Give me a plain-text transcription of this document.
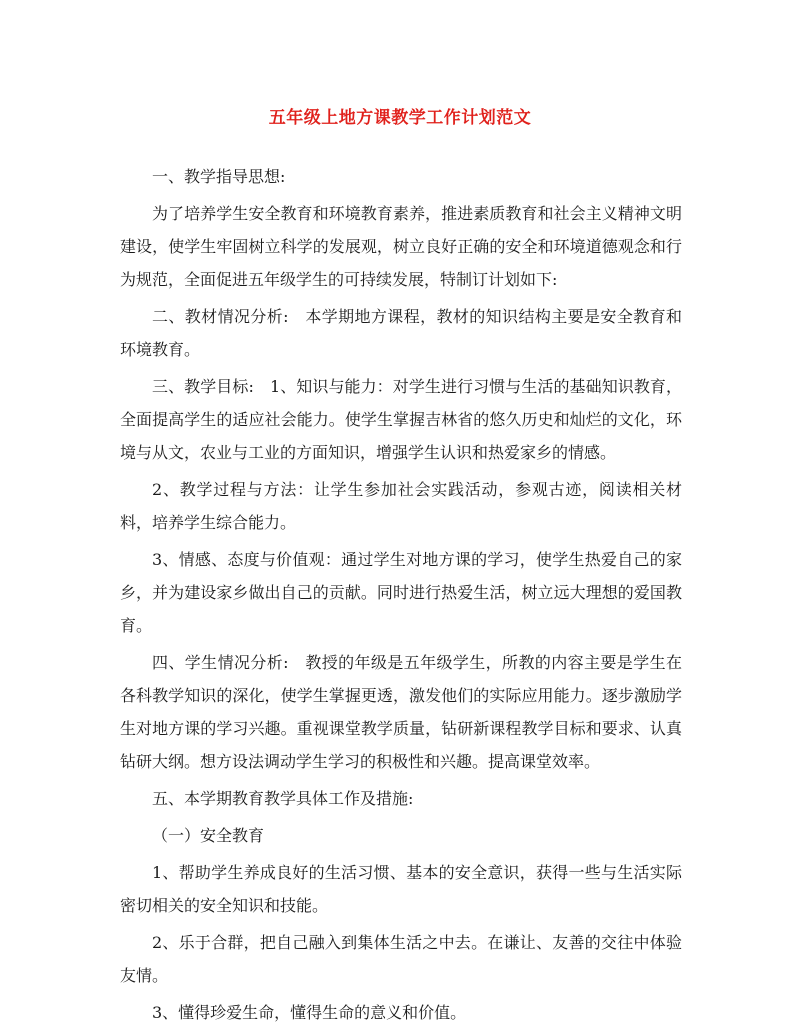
五年级上地方课教学工作计划范文

一、教学指导思想:

为了培养学生安全教育和环境教育素养，推进素质教育和社会主义精神文明建设，使学生牢固树立科学的发展观，树立良好正确的安全和环境道德观念和行为规范，全面促进五年级学生的可持续发展，特制订计划如下:

二、教材情况分析:　本学期地方课程，教材的知识结构主要是安全教育和环境教育。

三、教学目标:　1、知识与能力：对学生进行习惯与生活的基础知识教育，全面提高学生的适应社会能力。使学生掌握吉林省的悠久历史和灿烂的文化，环境与从文，农业与工业的方面知识，增强学生认识和热爱家乡的情感。

2、教学过程与方法：让学生参加社会实践活动，参观古迹，阅读相关材料，培养学生综合能力。

3、情感、态度与价值观：通过学生对地方课的学习，使学生热爱自己的家乡，并为建设家乡做出自己的贡献。同时进行热爱生活，树立远大理想的爱国教育。

四、学生情况分析:　教授的年级是五年级学生，所教的内容主要是学生在各科教学知识的深化，使学生掌握更透，激发他们的实际应用能力。逐步激励学生对地方课的学习兴趣。重视课堂教学质量，钻研新课程教学目标和要求、认真钻研大纲。想方设法调动学生学习的积极性和兴趣。提高课堂效率。

五、本学期教育教学具体工作及措施:

（一）安全教育

1、帮助学生养成良好的生活习惯、基本的安全意识，获得一些与生活实际密切相关的安全知识和技能。

2、乐于合群，把自己融入到集体生活之中去。在谦让、友善的交往中体验友情。

3、懂得珍爱生命，懂得生命的意义和价值。
